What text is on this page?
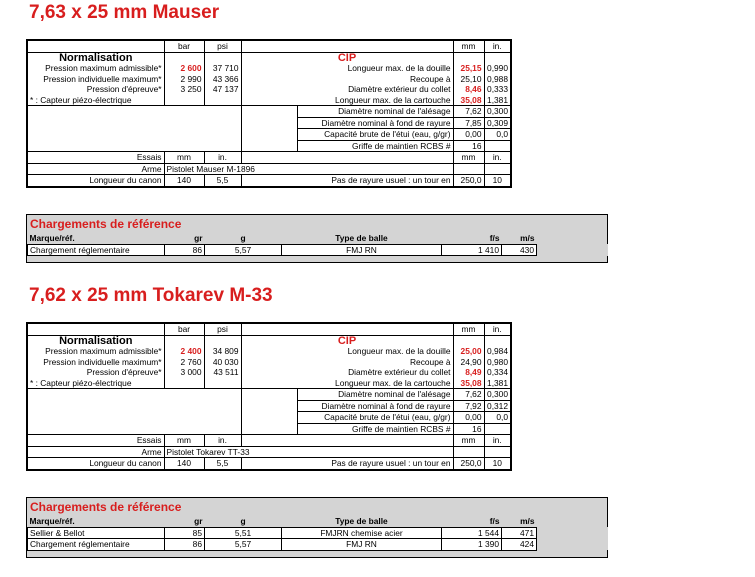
7,63 x 25 mm Mauser
	bar	psi				mm	in.
Normalisation			CIP				
Pression maximum admissible*	2 600	37 710		Longueur max. de la douille		25,15	0,990
Pression individuelle maximum*	2 990	43 366		Recoupe à		25,10	0,988
Pression d'épreuve*	3 250	47 137		Diamètre extérieur du collet		8,46	0,333
* : Capteur piézo-électrique				Longueur max. de la cartouche		35,08	1,381
				Diamètre nominal de l'alésage		7,62	0,300
				Diamètre nominal à fond de rayure		7,85	0,309
				Capacité brute de l'étui (eau, g/gr)		0,00	0,0
				Griffe de maintien RCBS #		16	
Essais	mm	in.				mm	in.
Arme	Pistolet Mauser M-1896						
Longueur du canon	140	5,5	Pas de rayure usuel : un tour en			250,0	10
Chargements de référence
Marque/réf.	gr	g	Type de balle	f/s	m/s	
Chargement réglementaire	86	5,57	FMJ RN	1 410	430	

7,62 x 25 mm Tokarev M-33
	bar	psi				mm	in.
Normalisation			CIP				
Pression maximum admissible*	2 400	34 809		Longueur max. de la douille		25,00	0,984
Pression individuelle maximum*	2 760	40 030		Recoupe à		24,90	0,980
Pression d'épreuve*	3 000	43 511		Diamètre extérieur du collet		8,49	0,334
* : Capteur piézo-électrique				Longueur max. de la cartouche		35,08	1,381
				Diamètre nominal de l'alésage		7,62	0,300
				Diamètre nominal à fond de rayure		7,92	0,312
				Capacité brute de l'étui (eau, g/gr)		0,00	0,0
				Griffe de maintien RCBS #		16	
Essais	mm	in.				mm	in.
Arme	Pistolet Tokarev TT-33						
Longueur du canon	140	5,5	Pas de rayure usuel : un tour en			250,0	10
Chargements de référence
Marque/réf.	gr	g	Type de balle	f/s	m/s	
Sellier & Bellot	85	5,51	FMJRN chemise acier	1 544	471	
Chargement réglementaire	86	5,57	FMJ RN	1 390	424	
